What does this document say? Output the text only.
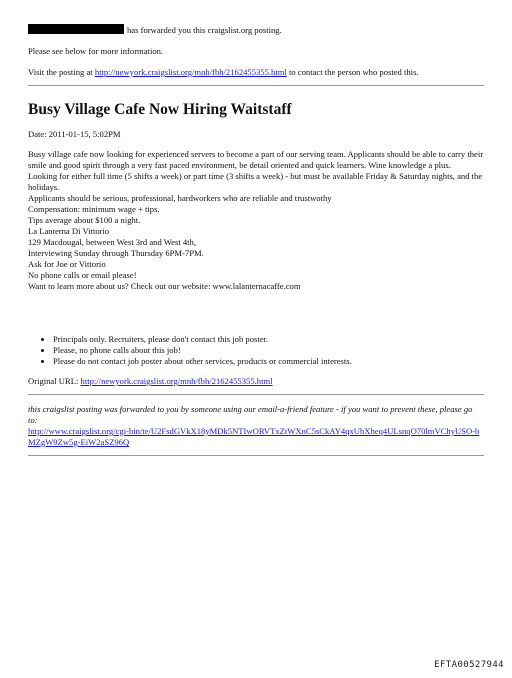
has forwarded you this craigslist.org posting.

Please see below for more information.

Visit the posting at http://newyork.craigslist.org/mnh/fbh/2162455355.html to contact the person who posted this.

Busy Village Cafe Now Hiring Waitstaff

Date: 2011-01-15, 5:02PM

Busy village cafe now looking for experienced servers to become a part of our serving team. Applicants should be able to carry their smile and good spirit through a very fast paced environment, be detail oriented and quick learners. Wine knowledge a plus.

Looking for either full time (5 shifts a week) or part time (3 shifts a week) - but must be available Friday & Saturday nights, and the holidays.

Applicants should be serious, professional, hardworkers who are reliable and trustwothy

Compensation: minimum wage + tips.

Tips average about $100 a night.

La Lanterna Di Vittorio

129 Macdougal, between West 3rd and West 4th,

Interviewing Sunday through Thursday 6PM-7PM.

Ask for Joe or Vittorio

No phone calls or email please!

Want to learn more about us? Check out our website: www.lalanternacaffe.com

• Principals only. Recruiters, please don't contact this job poster.
• Please, no phone calls about this job!
• Please do not contact job poster about other services, products or commercial interests.

Original URL: http://newyork.craigslist.org/mnh/fbh/2162455355.html

this craigslist posting was forwarded to you by someone using our email-a-friend feature - if you want to prevent these, please go to:

http://www.craigslist.org/cgi-bin/te/U2FsdGVkX18yMDk5NTIwORVTxZtWXnC5sCkAY4qxUbXheq4ULsnqO70lmVChyUSO-bMZgW9Zw5g-EiW2aSZ96Q

EFTA00527944
